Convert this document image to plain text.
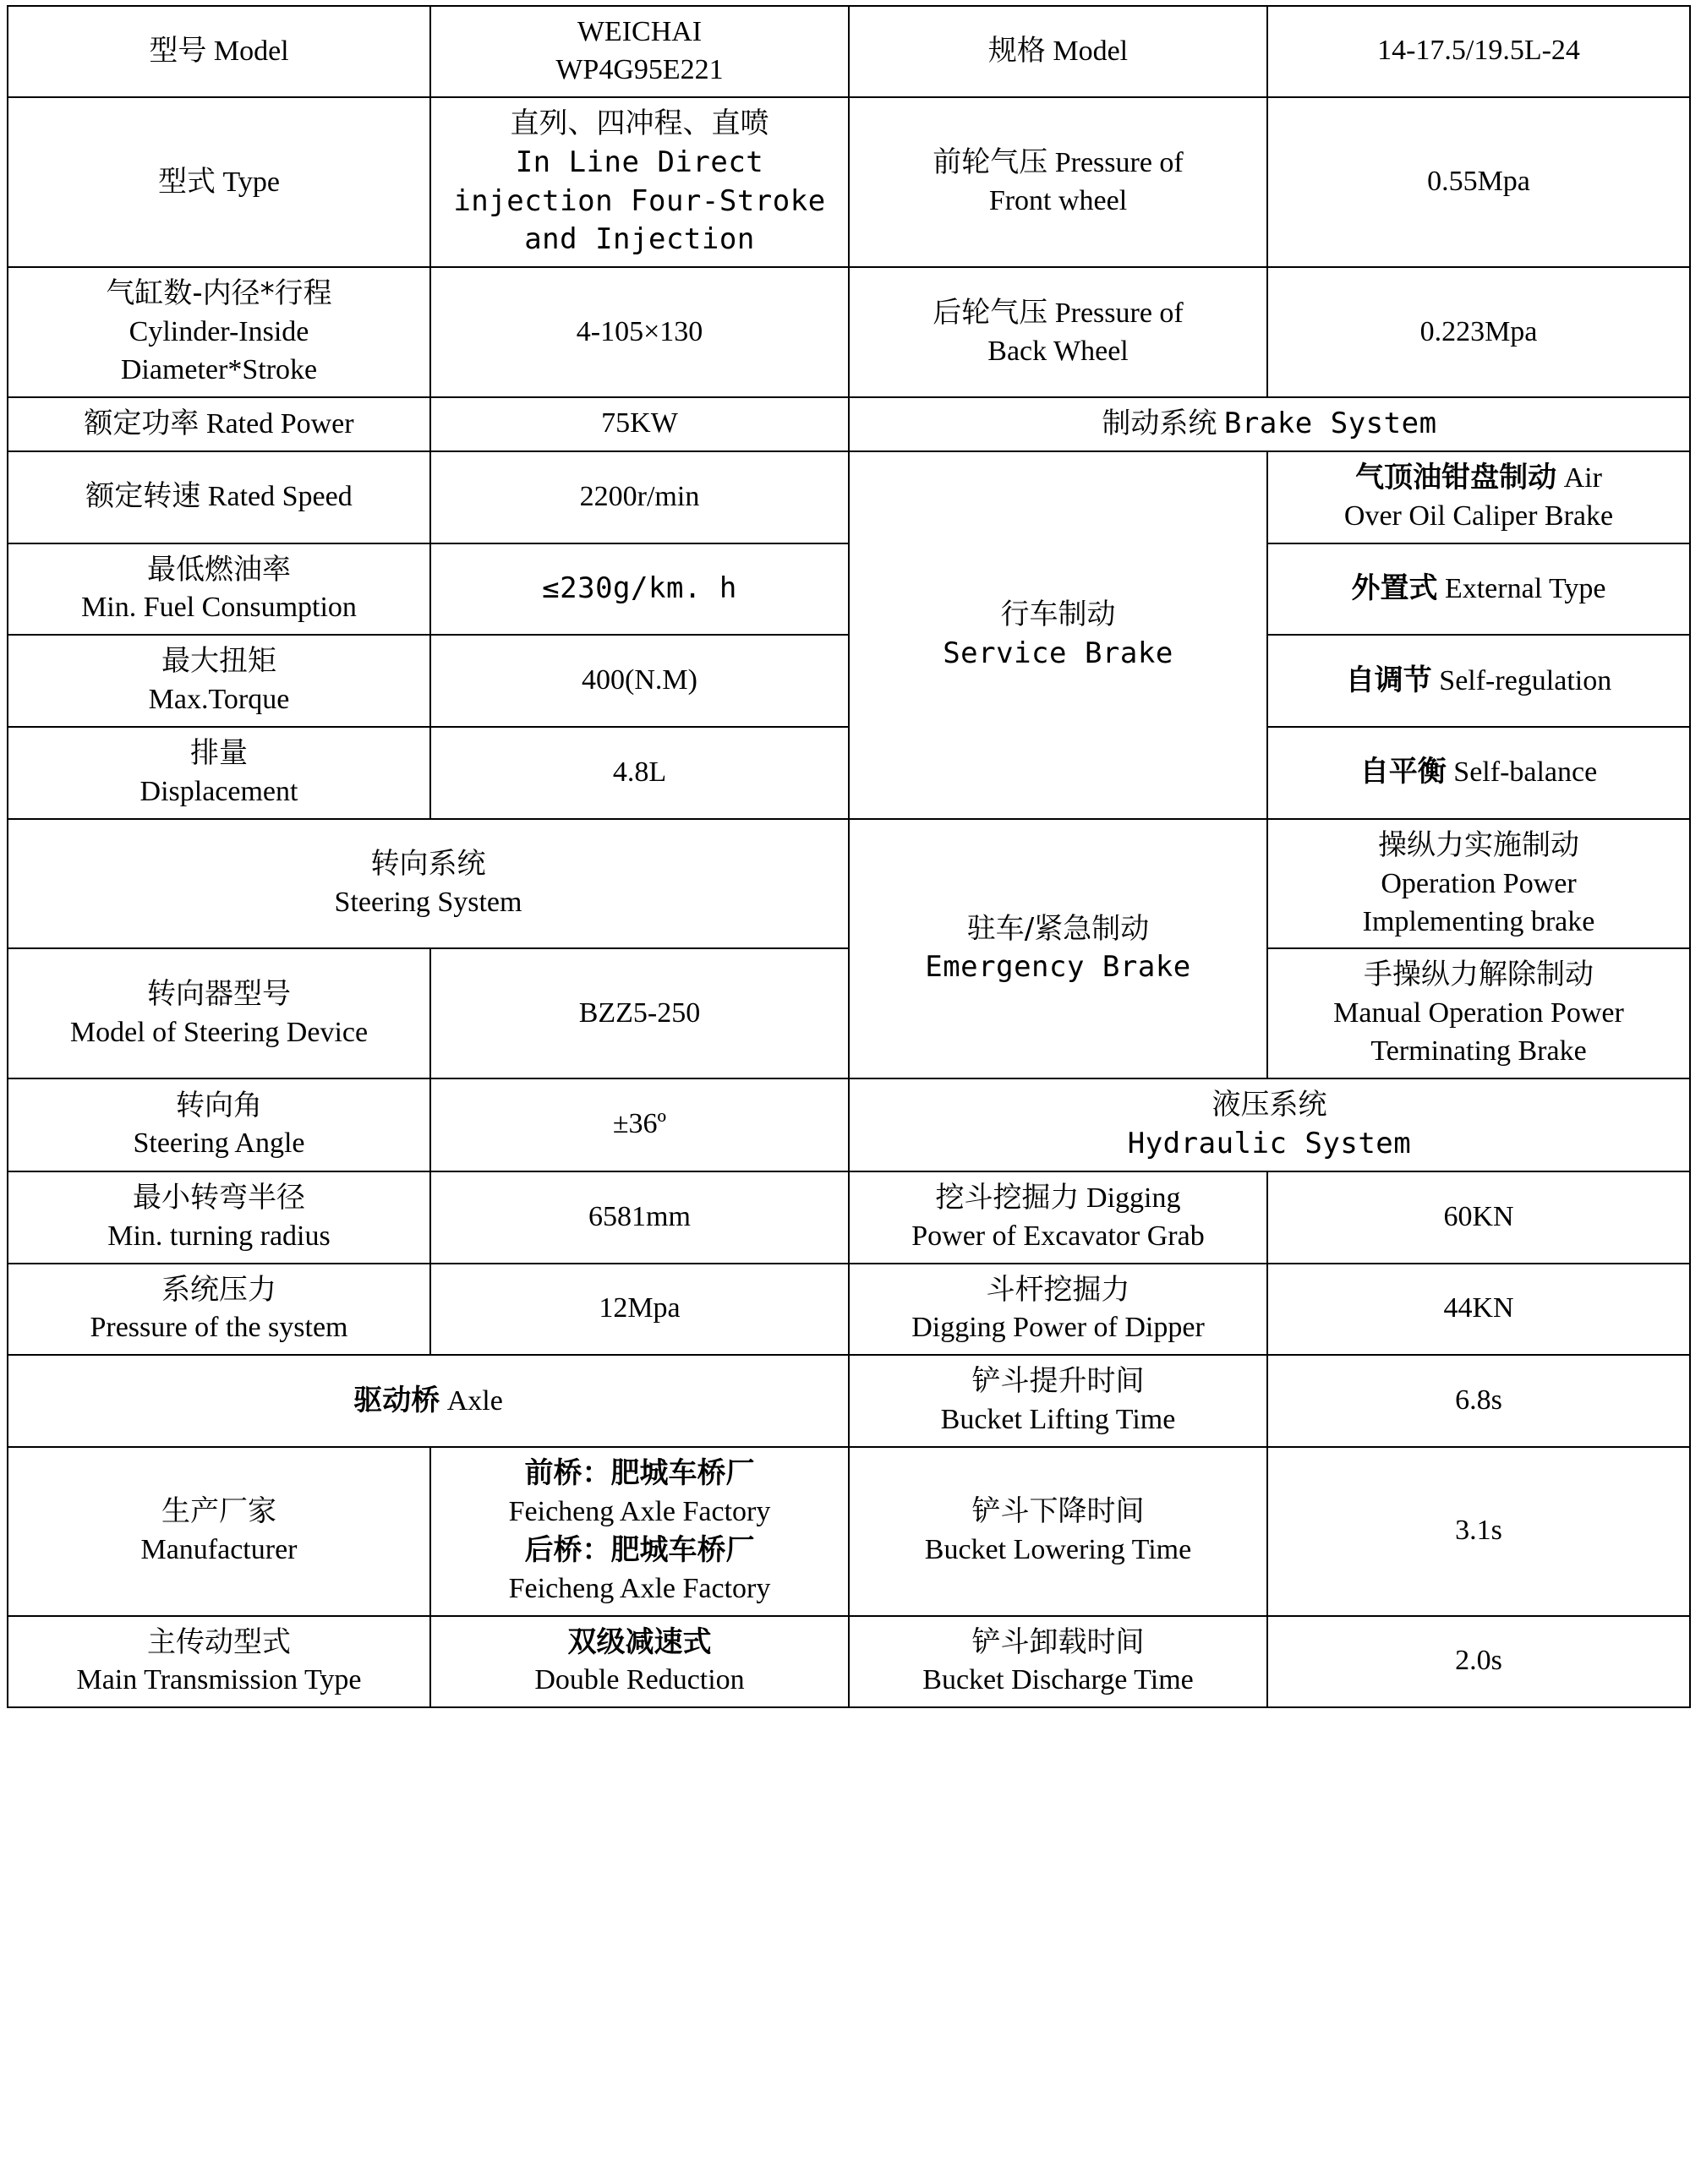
型号 Model	WEICHAI
WP4G95E221	规格 Model	14-17.5/19.5L-24

型式 Type	直列、四冲程、直喷
In Line Direct
injection Four-Stroke
and Injection	前轮气压 Pressure of
Front wheel	0.55Mpa

气缸数-内径*行程
Cylinder-Inside
Diameter*Stroke	4-105×130	后轮气压 Pressure of
Back Wheel	0.223Mpa

额定功率 Rated Power	75KW	制动系统 Brake System	

额定转速 Rated Speed	2200r/min	行车制动
Service Brake	气顶油钳盘制动 Air
Over Oil Caliper Brake

最低燃油率
Min. Fuel Consumption	≤230g/km. h		外置式 External Type

最大扭矩
Max.Torque	400(N.M)		自调节 Self-regulation

排量
Displacement	4.8L		自平衡 Self-balance

转向系统
Steering System		驻车/紧急制动
Emergency Brake	操纵力实施制动
Operation Power
Implementing brake

转向器型号
Model of Steering Device	BZZ5-250		手操纵力解除制动
Manual Operation Power
Terminating Brake

转向角
Steering Angle	±36º	液压系统
Hydraulic System	

最小转弯半径
Min. turning radius	6581mm	挖斗挖掘力 Digging
Power of Excavator Grab	60KN

系统压力
Pressure of the system	12Mpa	斗杆挖掘力
Digging Power of Dipper	44KN

驱动桥 Axle		铲斗提升时间
Bucket Lifting Time	6.8s

生产厂家
Manufacturer	前桥：肥城车桥厂
Feicheng Axle Factory
后桥：肥城车桥厂
Feicheng Axle Factory	铲斗下降时间
Bucket Lowering Time	3.1s

主传动型式
Main Transmission Type	双级减速式
Double Reduction	铲斗卸载时间
Bucket Discharge Time	2.0s
